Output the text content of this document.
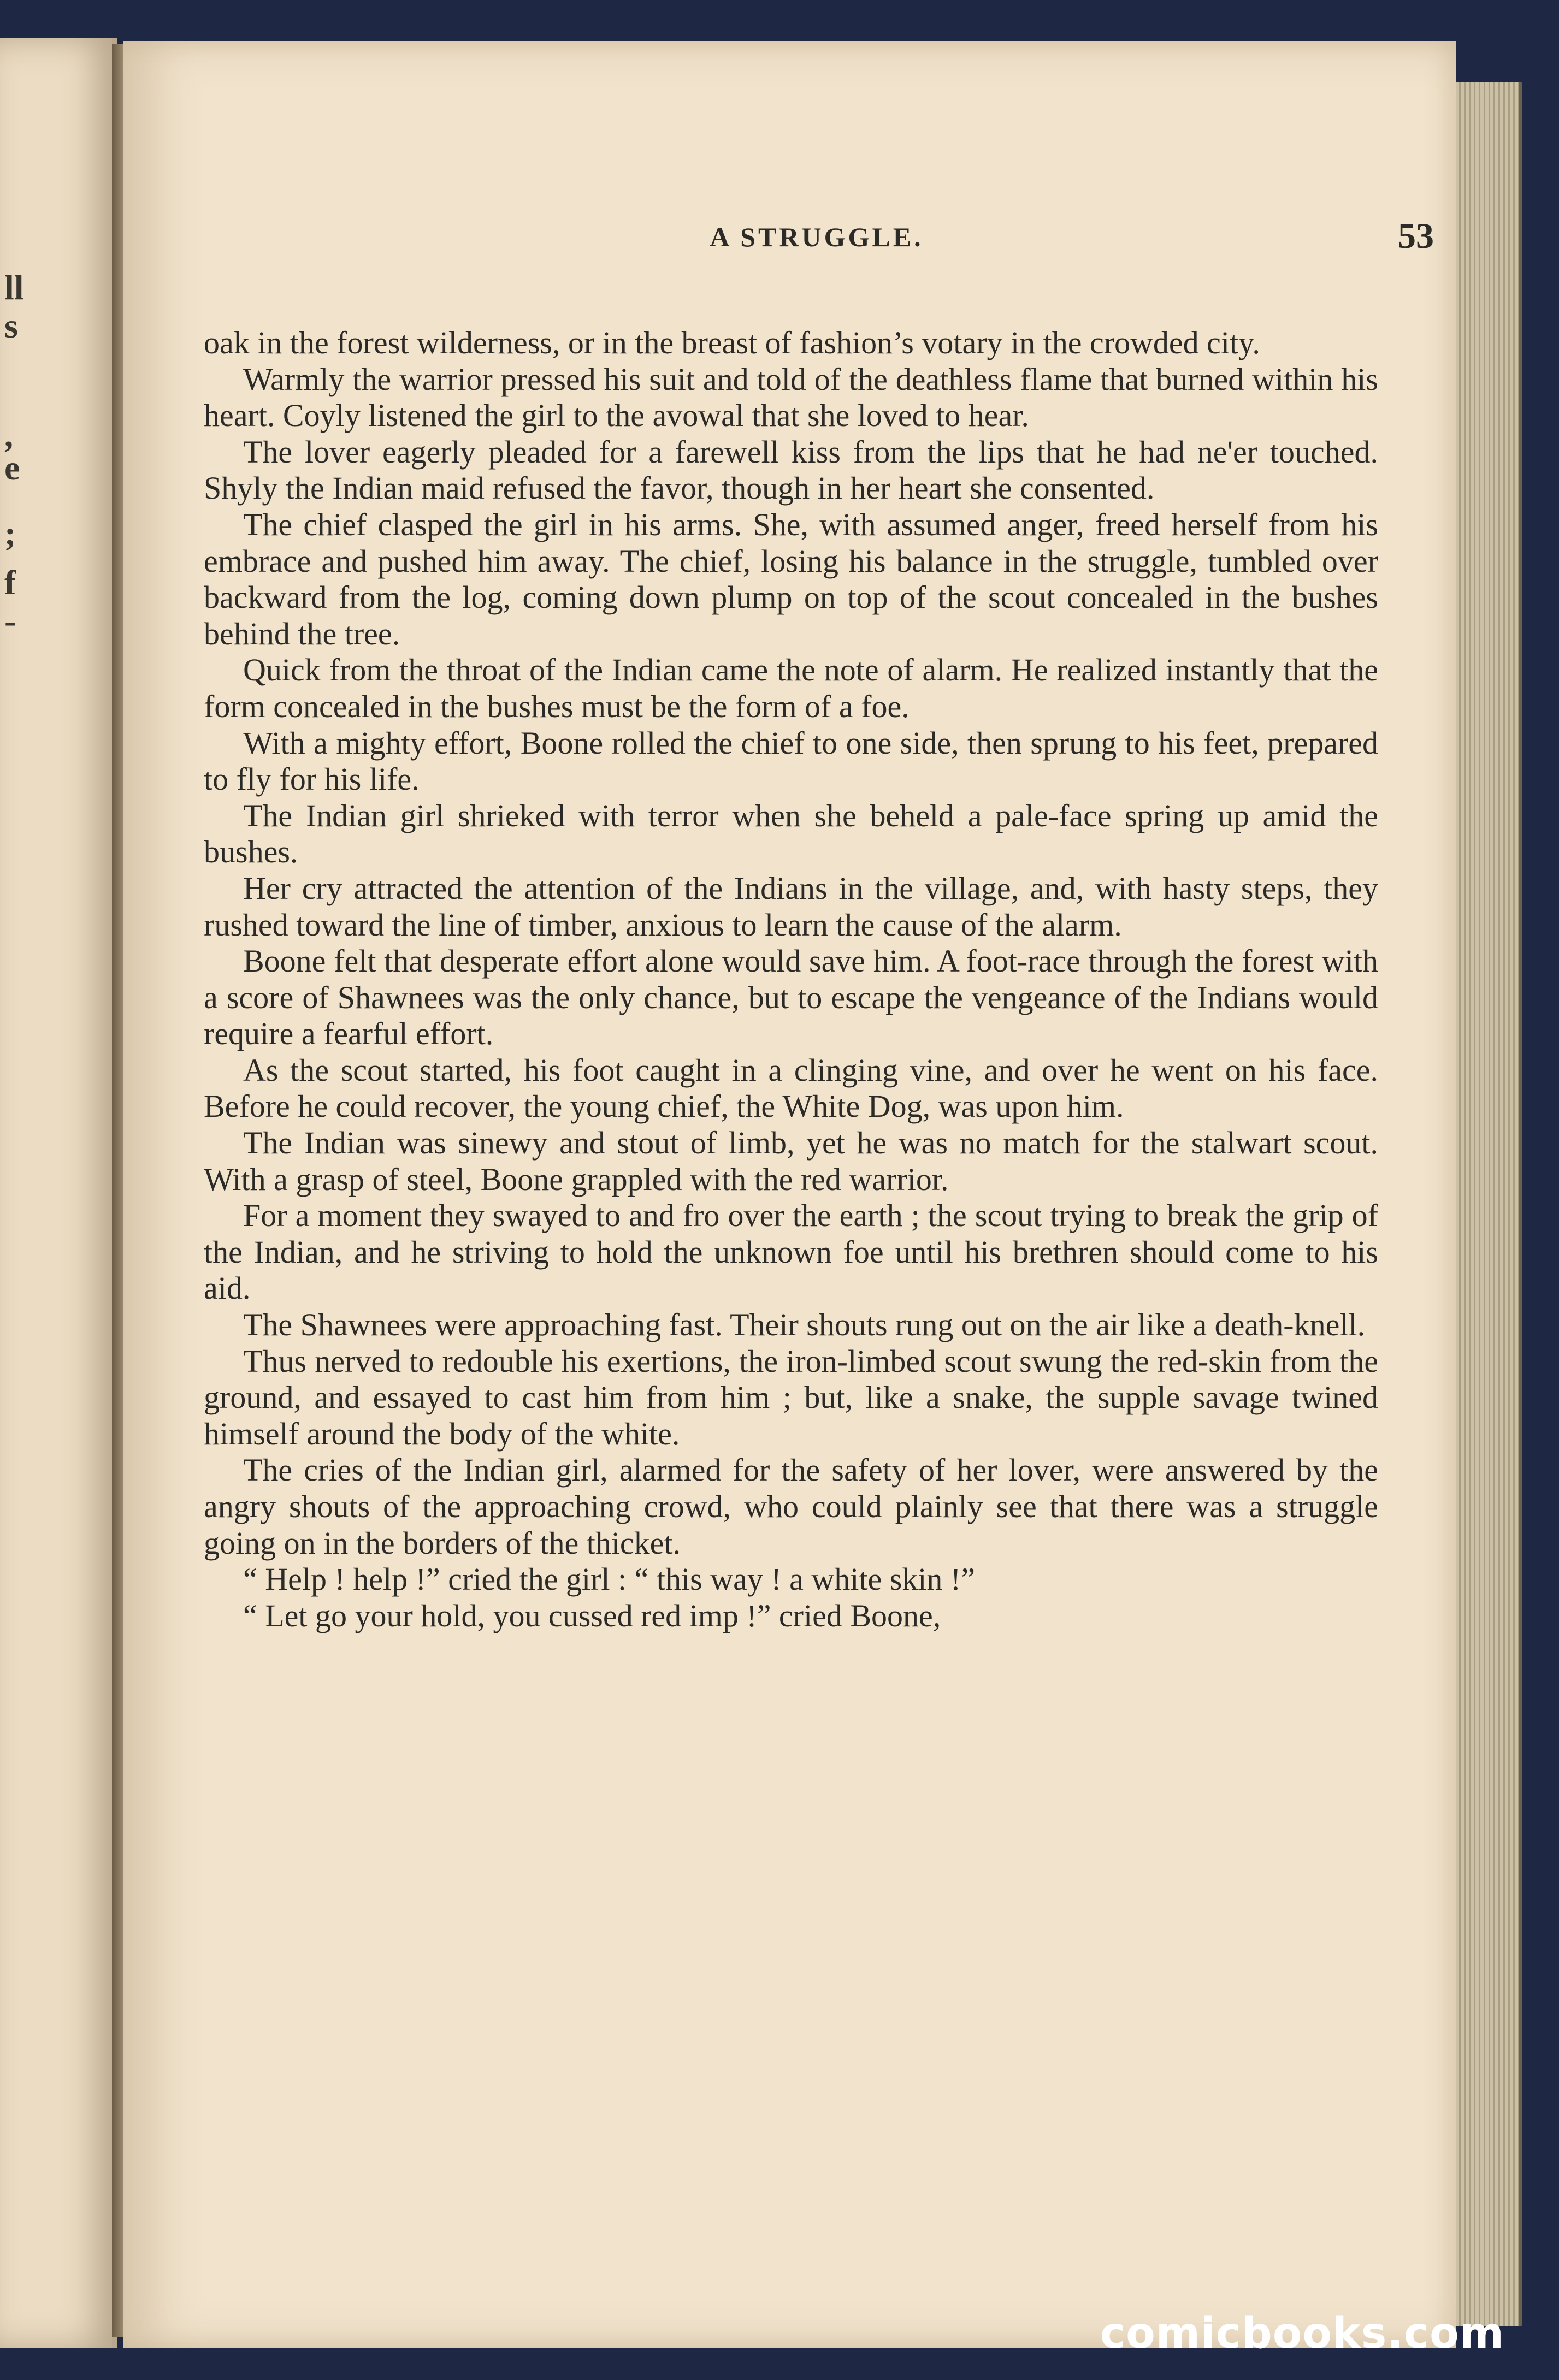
ll
s
,
e
;
f
-
A STRUGGLE.	53

oak in the forest wilderness, or in the breast of fashion’s votary in the crowded city.

Warmly the warrior pressed his suit and told of the deathless flame that burned within his heart. Coyly listened the girl to the avowal that she loved to hear.

The lover eagerly pleaded for a farewell kiss from the lips that he had ne'er touched. Shyly the Indian maid refused the favor, though in her heart she consented.

The chief clasped the girl in his arms. She, with assumed anger, freed herself from his embrace and pushed him away. The chief, losing his balance in the struggle, tumbled over backward from the log, coming down plump on top of the scout concealed in the bushes behind the tree.

Quick from the throat of the Indian came the note of alarm. He realized instantly that the form concealed in the bushes must be the form of a foe.

With a mighty effort, Boone rolled the chief to one side, then sprung to his feet, prepared to fly for his life.

The Indian girl shrieked with terror when she beheld a pale-face spring up amid the bushes.

Her cry attracted the attention of the Indians in the village, and, with hasty steps, they rushed toward the line of timber, anxious to learn the cause of the alarm.

Boone felt that desperate effort alone would save him. A foot-race through the forest with a score of Shawnees was the only chance, but to escape the vengeance of the Indians would require a fearful effort.

As the scout started, his foot caught in a clinging vine, and over he went on his face. Before he could recover, the young chief, the White Dog, was upon him.

The Indian was sinewy and stout of limb, yet he was no match for the stalwart scout. With a grasp of steel, Boone grappled with the red warrior.

For a moment they swayed to and fro over the earth ; the scout trying to break the grip of the Indian, and he striving to hold the unknown foe until his brethren should come to his aid.

The Shawnees were approaching fast. Their shouts rung out on the air like a death-knell.

Thus nerved to redouble his exertions, the iron-limbed scout swung the red-skin from the ground, and essayed to cast him from him ; but, like a snake, the supple savage twined himself around the body of the white.

The cries of the Indian girl, alarmed for the safety of her lover, were answered by the angry shouts of the approaching crowd, who could plainly see that there was a struggle going on in the borders of the thicket.

“ Help ! help !” cried the girl : “ this way ! a white skin !”

“ Let go your hold, you cussed red imp !” cried Boone,

comicbooks.com
